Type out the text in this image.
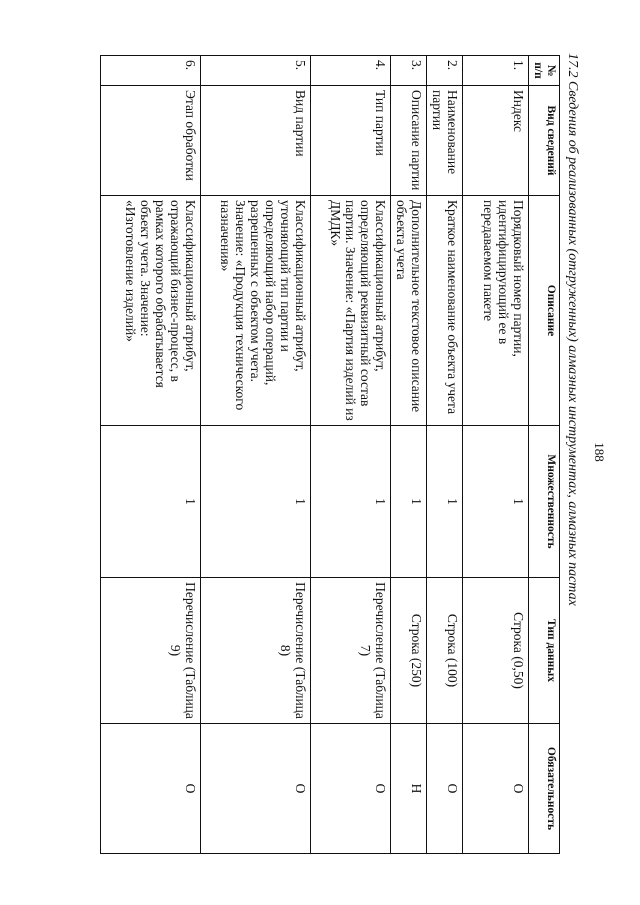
188
17.2 Сведения об реализованных (отгруженных) алмазных инструментах, алмазных пастах
№ п/п	Вид сведений	Описание	Множественность	Тип данных	Обязательность
1.	Индекс	Порядковый номер партии, идентифицирующий ее в передаваемом пакете	1	Строка (0,50)	О
2.	Наименование партии	Краткое наименование объекта учета	1	Строка (100)	О
3.	Описание партии	Дополнительное текстовое описание объекта учета	1	Строка (250)	Н
4.	Тип партии	Классификационный атрибут, определяющий реквизитный состав партии. Значение: «Партия изделий из ДМДК»	1	Перечисление (Таблица 7)	О
5.	Вид партии	Классификационный атрибут, уточняющий тип партии и определяющий набор операций, разрешенных с объектом учета. Значение: «Продукция технического назначения»	1	Перечисление (Таблица 8)	О
6.	Этап обработки	Классификационный атрибут, отражающий бизнес-процесс, в рамках которого обрабатывается объект учета. Значение: «Изготовление изделий»	1	Перечисление (Таблица 9)	О
